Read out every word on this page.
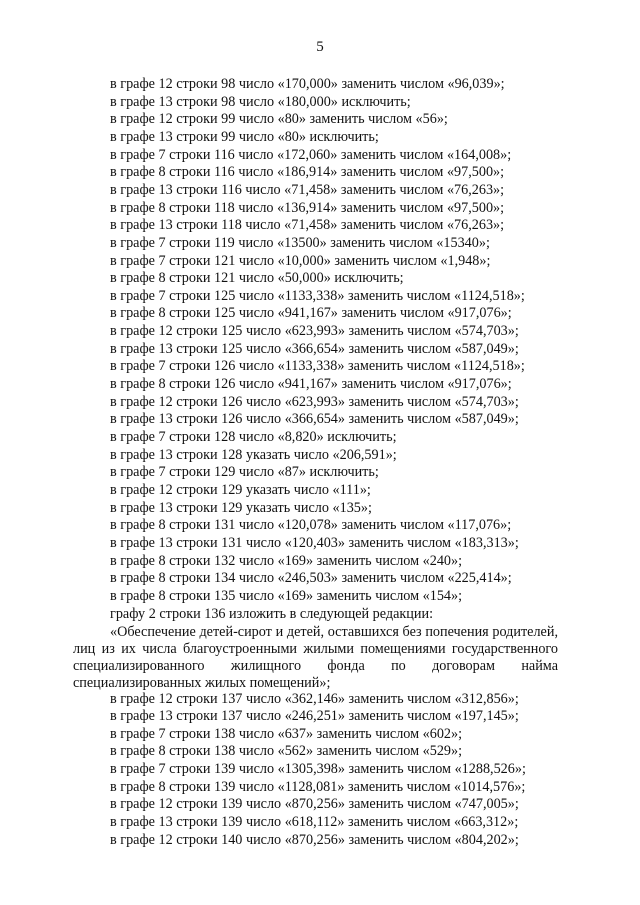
5
в графе 12 строки 98 число «170,000» заменить числом «96,039»;
в графе 13 строки 98 число «180,000» исключить;
в графе 12 строки 99 число «80» заменить числом «56»;
в графе 13 строки 99 число «80» исключить;
в графе 7 строки 116 число «172,060» заменить числом «164,008»;
в графе 8 строки 116 число «186,914» заменить числом «97,500»;
в графе 13 строки 116 число «71,458» заменить числом «76,263»;
в графе 8 строки 118 число «136,914» заменить числом «97,500»;
в графе 13 строки 118 число «71,458» заменить числом «76,263»;
в графе 7 строки 119 число «13500» заменить числом «15340»;
в графе 7 строки 121 число «10,000» заменить числом «1,948»;
в графе 8 строки 121 число «50,000» исключить;
в графе 7 строки 125 число «1133,338» заменить числом «1124,518»;
в графе 8 строки 125 число «941,167» заменить числом «917,076»;
в графе 12 строки 125 число «623,993» заменить числом «574,703»;
в графе 13 строки 125 число «366,654» заменить числом «587,049»;
в графе 7 строки 126 число «1133,338» заменить числом «1124,518»;
в графе 8 строки 126 число «941,167» заменить числом «917,076»;
в графе 12 строки 126 число «623,993» заменить числом «574,703»;
в графе 13 строки 126 число «366,654» заменить числом «587,049»;
в графе 7 строки 128 число «8,820» исключить;
в графе 13 строки 128 указать число «206,591»;
в графе 7 строки 129 число «87» исключить;
в графе 12 строки 129 указать число «111»;
в графе 13 строки 129 указать число «135»;
в графе 8 строки 131 число «120,078» заменить числом «117,076»;
в графе 13 строки 131 число «120,403» заменить числом «183,313»;
в графе 8 строки 132 число «169» заменить числом «240»;
в графе 8 строки 134 число «246,503» заменить числом «225,414»;
в графе 8 строки 135 число «169» заменить числом «154»;
графу 2 строки 136 изложить в следующей редакции:
«Обеспечение детей-сирот и детей, оставшихся без попечения родителей,
лиц из их числа благоустроенными жилыми помещениями государственного
специализированного жилищного фонда по договорам найма
специализированных жилых помещений»;
в графе 12 строки 137 число «362,146» заменить числом «312,856»;
в графе 13 строки 137 число «246,251» заменить числом «197,145»;
в графе 7 строки 138 число «637» заменить числом «602»;
в графе 8 строки 138 число «562» заменить числом «529»;
в графе 7 строки 139 число «1305,398» заменить числом «1288,526»;
в графе 8 строки 139 число «1128,081» заменить числом «1014,576»;
в графе 12 строки 139 число «870,256» заменить числом «747,005»;
в графе 13 строки 139 число «618,112» заменить числом «663,312»;
в графе 12 строки 140 число «870,256» заменить числом «804,202»;
